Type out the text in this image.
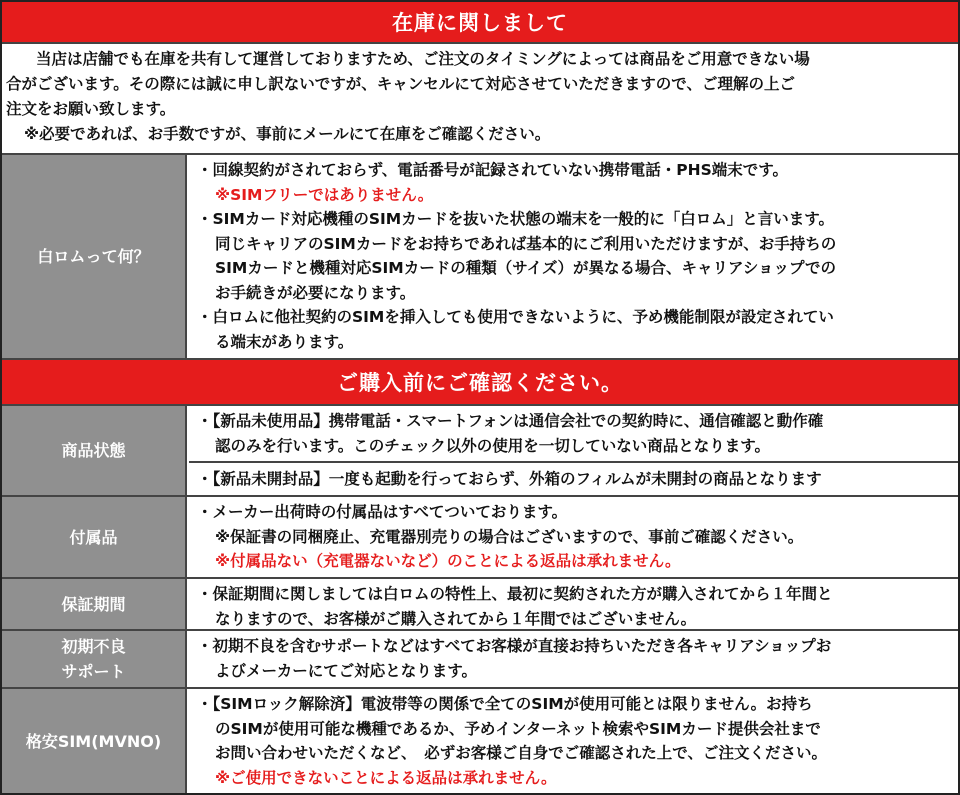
在庫に関しまして

当店は店舗でも在庫を共有して運営しておりますため、ご注文のタイミングによっては商品をご用意できない場

合がございます。その際には誠に申し訳ないですが、キャンセルにて対応させていただきますので、ご理解の上ご

注文をお願い致します。

※必要であれば、お手数ですが、事前にメールにて在庫をご確認ください。

白ロムって何？

・回線契約がされておらず、電話番号が記録されていない携帯電話・PHS端末です。

※SIMフリーではありません。

・SIMカード対応機種のSIMカードを抜いた状態の端末を一般的に「白ロム」と言います。

同じキャリアのSIMカードをお持ちであれば基本的にご利用いただけますが、お手持ちの

SIMカードと機種対応SIMカードの種類（サイズ）が異なる場合、キャリアショップでの

お手続きが必要になります。

・白ロムに他社契約のSIMを挿入しても使用できないように、予め機能制限が設定されてい

る端末があります。

ご購入前にご確認ください。
商品状態

・【新品未使用品】携帯電話・スマートフォンは通信会社での契約時に、通信確認と動作確

認のみを行います。このチェック以外の使用を一切していない商品となります。

・【新品未開封品】一度も起動を行っておらず、外箱のフィルムが未開封の商品となります

付属品

・メーカー出荷時の付属品はすべてついております。

※保証書の同梱廃止、充電器別売りの場合はございますので、事前ご確認ください。

※付属品ない（充電器ないなど）のことによる返品は承れません。

保証期間

・保証期間に関しましては白ロムの特性上、最初に契約された方が購入されてから１年間と

なりますので、お客様がご購入されてから１年間ではございません。

初期不良
サポート

・初期不良を含むサポートなどはすべてお客様が直接お持ちいただき各キャリアショップお

よびメーカーにてご対応となります。

格安SIM(MVNO)

・【SIMロック解除済】電波帯等の関係で全てのSIMが使用可能とは限りません。お持ち

のSIMが使用可能な機種であるか、予めインターネット検索やSIMカード提供会社まで

お問い合わせいただくなど、　必ずお客様ご自身でご確認された上で、ご注文ください。

※ご使用できないことによる返品は承れません。
